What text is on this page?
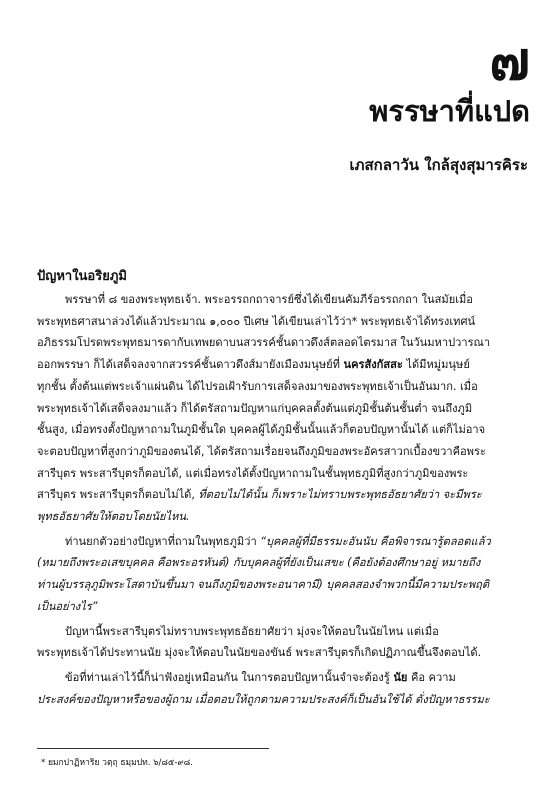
๗
พรรษาที่แปด
เภสกลาวัน ใกล้สุงสุมารคิระ
ปัญหาในอริยภูมิ

พรรษาที่ ๘ ของพระพุทธเจ้า. พระอรรถกถาจารย์ซึ่งได้เขียนคัมภีร์อรรถกถา ในสมัยเมื่อ
พระพุทธศาสนาล่วงได้แล้วประมาณ ๑,๐๐๐ ปีเศษ ได้เขียนเล่าไว้ว่า* พระพุทธเจ้าได้ทรงเทศน์
อภิธรรมโปรดพระพุทธมารดากับเทพยดาบนสวรรค์ชั้นดาวดึงส์ตลอดไตรมาส ในวันมหาปวารณา
ออกพรรษา ก็ได้เสด็จลงจากสวรรค์ชั้นดาวดึงส์มายังเมืองมนุษย์ที่ นครสังกัสสะ ได้มีหมู่มนุษย์
ทุกชั้น ตั้งต้นแต่พระเจ้าแผ่นดิน ได้ไปรอเฝ้ารับการเสด็จลงมาของพระพุทธเจ้าเป็นอันมาก. เมื่อ
พระพุทธเจ้าได้เสด็จลงมาแล้ว ก็ได้ตรัสถามปัญหาแก่บุคคลตั้งต้นแต่ภูมิชั้นต้นชั้นต่ำ จนถึงภูมิ
ชั้นสูง, เมื่อทรงตั้งปัญหาถามในภูมิชั้นใด บุคคลผู้ได้ภูมิชั้นนั้นแล้วก็ตอบปัญหานั้นได้ แต่ก็ไม่อาจ
จะตอบปัญหาที่สูงกว่าภูมิของตนได้, ได้ตรัสถามเรื่อยจนถึงภูมิของพระอัครสาวกเบื้องขวาคือพระ
สารีบุตร พระสารีบุตรก็ตอบได้, แต่เมื่อทรงได้ตั้งปัญหาถามในชั้นพุทธภูมิที่สูงกว่าภูมิของพระ
สารีบุตร พระสารีบุตรก็ตอบไม่ได้, ที่ตอบไม่ได้นั้น ก็เพราะไม่ทราบพระพุทธอัธยาศัยว่า จะมีพระ
พุทธอัธยาศัยให้ตอบโดยนัยไหน.

ท่านยกตัวอย่างปัญหาที่ถามในพุทธภูมิว่า “บุคคลผู้ที่มีธรรมะอันนับ คือพิจารณารู้ตลอดแล้ว
(หมายถึงพระอเสขบุคคล คือพระอรหันต์) กับบุคคลผู้ที่ยังเป็นเสขะ (คือยังต้องศึกษาอยู่ หมายถึง
ท่านผู้บรรลุภูมิพระโสดาบันขึ้นมา จนถึงภูมิของพระอนาคามี) บุคคลสองจำพวกนี้มีความประพฤติ
เป็นอย่างไร”

ปัญหานี้พระสารีบุตรไม่ทราบพระพุทธอัธยาศัยว่า มุ่งจะให้ตอบในนัยไหน แต่เมื่อ
พระพุทธเจ้าได้ประทานนัย มุ่งจะให้ตอบในนัยของขันธ์ พระสารีบุตรก็เกิดปฏิภาณขึ้นจึงตอบได้.

ข้อที่ท่านเล่าไว้นี้ก็น่าฟังอยู่เหมือนกัน ในการตอบปัญหานั้นจำจะต้องรู้ นัย คือ ความ
ประสงค์ของปัญหาหรือของผู้ถาม เมื่อตอบให้ถูกตามความประสงค์ก็เป็นอันใช้ได้ ดั่งปัญหาธรรมะ

* ยมกปาฏิหาริย วตฺถุ ธมฺมปท. ๖/๘๕-๙๘.
